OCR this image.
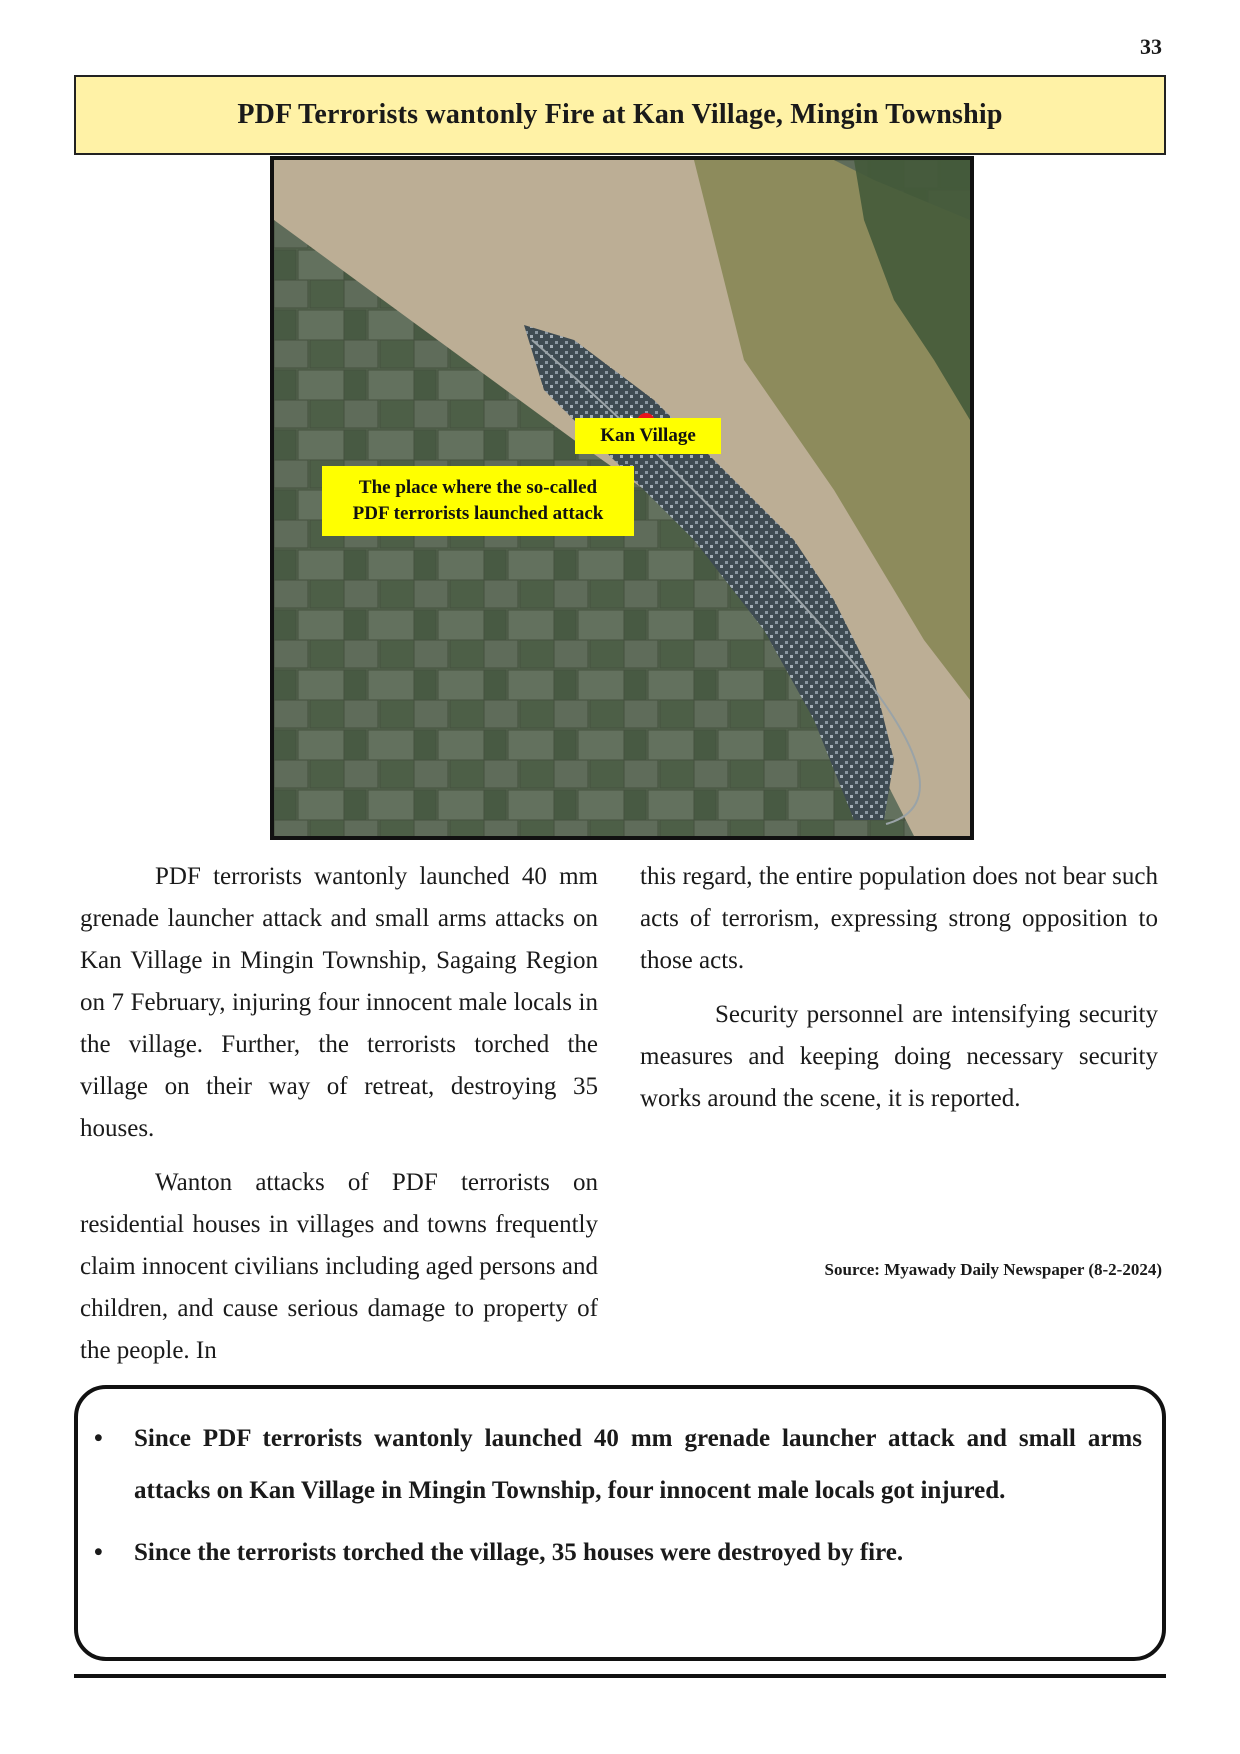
33
PDF Terrorists wantonly Fire at Kan Village, Mingin Township
Kan Village
The place where the so-called
PDF terrorists launched attack

PDF terrorists wantonly launched 40 mm grenade launcher attack and small arms attacks on Kan Village in Mingin Township, Sagaing Region on 7 February, injuring four innocent male locals in the village. Further, the terrorists torched the village on their way of retreat, destroying 35 houses.

Wanton attacks of PDF terrorists on residential houses in villages and towns frequently claim innocent civilians including aged persons and children, and cause serious damage to property of the people. In

this regard, the entire population does not bear such acts of terrorism, expressing strong opposition to those acts.

Security personnel are intensifying security measures and keeping doing necessary security works around the scene, it is reported.

Source: Myawady Daily Newspaper (8-2-2024)
• Since PDF terrorists wantonly launched 40 mm grenade launcher attack and small arms attacks on Kan Village in Mingin Township, four innocent male locals got injured.
• Since the terrorists torched the village, 35 houses were destroyed by fire.
